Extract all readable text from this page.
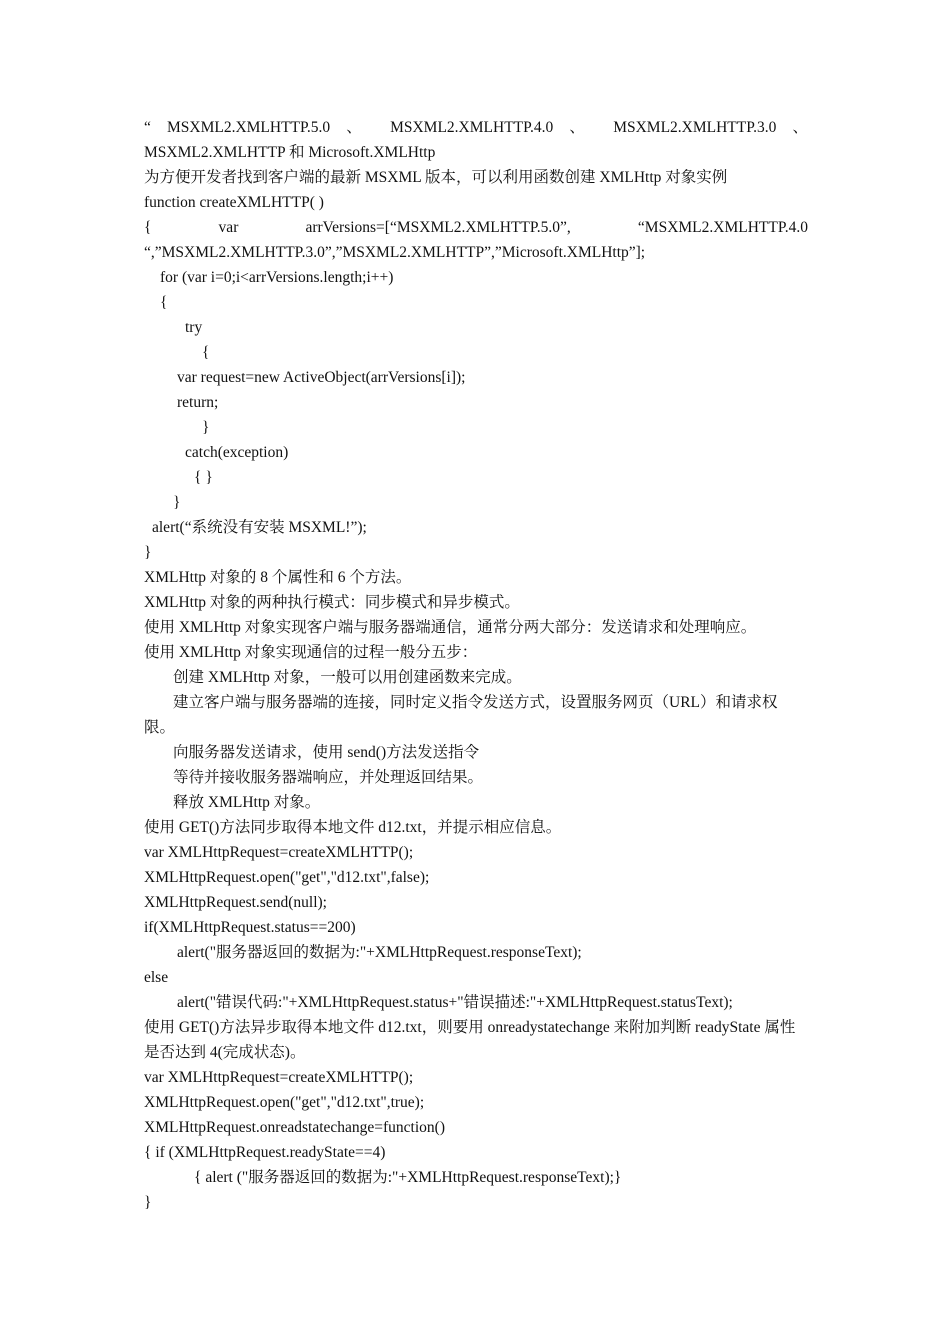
“ MSXML2.XMLHTTP.5.0 、 MSXML2.XMLHTTP.4.0 、 MSXML2.XMLHTTP.3.0 、
MSXML2.XMLHTTP 和 Microsoft.XMLHttp
为方便开发者找到客户端的最新 MSXML 版本，可以利用函数创建 XMLHttp 对象实例
function createXMLHTTP( )
{ var arrVersions=[“MSXML2.XMLHTTP.5.0”, “MSXML2.XMLHTTP.4.0
“,”MSXML2.XMLHTTP.3.0”,”MSXML2.XMLHTTP”,”Microsoft.XMLHttp”];
for (var i=0;i<arrVersions.length;i++)
{
try
{
var request=new ActiveObject(arrVersions[i]);
return;
}
catch(exception)
{ }
}
alert(“系统没有安装 MSXML!”);
}
XMLHttp 对象的 8 个属性和 6 个方法。
XMLHttp 对象的两种执行模式：同步模式和异步模式。
使用 XMLHttp 对象实现客户端与服务器端通信，通常分两大部分：发送请求和处理响应。
使用 XMLHttp 对象实现通信的过程一般分五步：
创建 XMLHttp 对象，一般可以用创建函数来完成。
建立客户端与服务器端的连接，同时定义指令发送方式，设置服务网页（URL）和请求权限。
向服务器发送请求，使用 send()方法发送指令
等待并接收服务器端响应，并处理返回结果。
释放 XMLHttp 对象。
使用 GET()方法同步取得本地文件 d12.txt，并提示相应信息。
var XMLHttpRequest=createXMLHTTP();
XMLHttpRequest.open("get","d12.txt",false);
XMLHttpRequest.send(null);
if(XMLHttpRequest.status==200)
alert("服务器返回的数据为:"+XMLHttpRequest.responseText);
else
alert("错误代码:"+XMLHttpRequest.status+"错误描述:"+XMLHttpRequest.statusText);
使用 GET()方法异步取得本地文件 d12.txt，则要用 onreadystatechange 来附加判断 readyState 属性是否达到 4(完成状态)。
var XMLHttpRequest=createXMLHTTP();
XMLHttpRequest.open("get","d12.txt",true);
XMLHttpRequest.onreadstatechange=function()
{ if (XMLHttpRequest.readyState==4)
{ alert ("服务器返回的数据为:"+XMLHttpRequest.responseText);}
}
